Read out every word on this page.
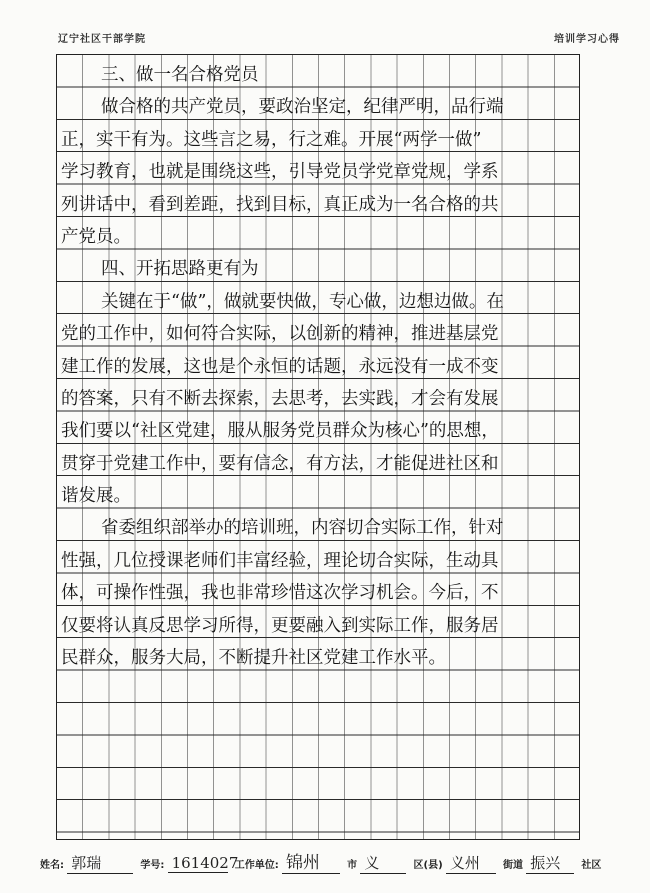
辽宁社区干部学院	培训学习心得
三、做一名合格党员
做合格的共产党员，要政治坚定，纪律严明，品行端
正，实干有为。这些言之易，行之难。开展“两学一做”
学习教育，也就是围绕这些，引导党员学党章党规，学系
列讲话中，看到差距，找到目标，真正成为一名合格的共
产党员。
四、开拓思路更有为
关键在于“做”，做就要快做，专心做，边想边做。在
党的工作中，如何符合实际，以创新的精神，推进基层党
建工作的发展，这也是个永恒的话题，永远没有一成不变
的答案，只有不断去探索，去思考，去实践，才会有发展
我们要以“社区党建，服从服务党员群众为核心”的思想，
贯穿于党建工作中，要有信念，有方法，才能促进社区和
谐发展。
省委组织部举办的培训班，内容切合实际工作，针对
性强，几位授课老师们丰富经验，理论切合实际，生动具
体，可操作性强，我也非常珍惜这次学习机会。今后，不
仅要将认真反思学习所得，更要融入到实际工作，服务居
民群众，服务大局，不断提升社区党建工作水平。
姓名: 郭瑞	学号: 1614027 工作单位: 锦州	市 义	区(县) 义州 街道 振兴 社区
